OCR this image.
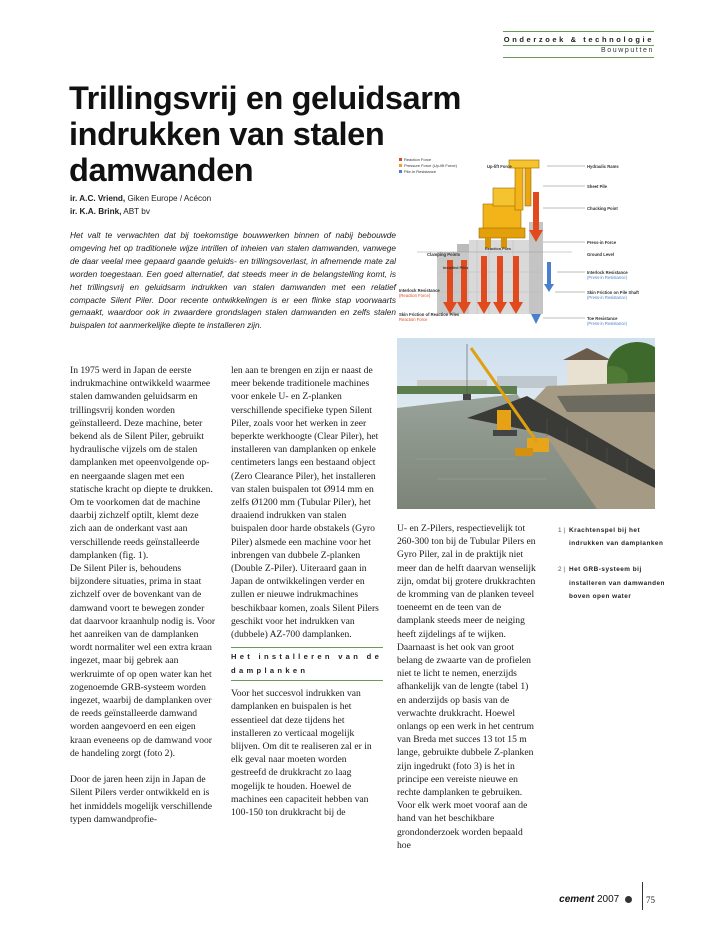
Onderzoek & technologie
Bouwputten
Trillingsvrij en geluidsarm indrukken van stalen damwanden
ir. A.C. Vriend, Giken Europe / Acécon
ir. K.A. Brink, ABT bv

Het valt te verwachten dat bij toekomstige bouwwerken binnen of nabij bebouwde omgeving het op traditionele wijze intrillen of inheien van stalen damwanden, vanwege de daar veelal mee gepaard gaande geluids- en trillingsoverlast, in afnemende mate zal worden toegestaan. Een goed alternatief, dat steeds meer in de belangstelling komt, is het trillingsvrij en geluidsarm indrukken van stalen damwanden met een relatief compacte Silent Piler. Door recente ontwikkelingen is er een flinke stap voorwaarts gemaakt, waardoor ook in zwaardere grondslagen stalen damwanden en zelfs stalen buispalen tot aanmerkelijke diepte te installeren zijn.

Reaction Force
Pressure Force (Up-lift Force)
Pile-in Resistance
Up-lift Force	Hydraulic Rams
Sheet Pile
Chucking Point
Clamping Points
Press-in Force
Ground Level
Installed Piles
Reaction Piles
Interlock Resistance
(Press-in Resistance)
Interlock Resistance
(Reaction Force)
Skin Friction on Pile Shaft
(Press-in Resistance)
Skin Friction of Reaction Piles
Reaction Force	Toe Resistance
(Press-in Resistance)

In 1975 werd in Japan de eerste indrukmachine ontwikkeld waarmee stalen damwanden geluidsarm en trillingsvrij konden worden geïnstalleerd. Deze machine, beter bekend als de Silent Piler, gebruikt hydraulische vijzels om de stalen damplanken met opeenvolgende op- en neergaande slagen met een statische kracht op diepte te drukken. Om te voorkomen dat de machine daarbij zichzelf optilt, klemt deze zich aan de onderkant vast aan verschillende reeds geïnstalleerde damplanken (fig. 1).

De Silent Piler is, behoudens bijzondere situaties, prima in staat zichzelf over de bovenkant van de damwand voort te bewegen zonder dat daarvoor kraanhulp nodig is. Voor het aanreiken van de damplanken wordt normaliter wel een extra kraan ingezet, maar bij gebrek aan werkruimte of op open water kan het zogenoemde GRB-systeem worden ingezet, waarbij de damplanken over de reeds geïnstalleerde damwand worden aangevoerd en een eigen kraan eveneens op de damwand voor de handeling zorgt (foto 2).

Door de jaren heen zijn in Japan de Silent Pilers verder ontwikkeld en is het inmiddels mogelijk verschillende typen damwandprofie-

len aan te brengen en zijn er naast de meer bekende traditionele machines voor enkele U- en Z-planken verschillende specifieke typen Silent Piler, zoals voor het werken in zeer beperkte werkhoogte (Clear Piler), het installeren van damplanken op enkele centimeters langs een bestaand object (Zero Clearance Piler), het installeren van stalen buispalen tot Ø914 mm en zelfs Ø1200 mm (Tubular Piler), het draaiend indrukken van stalen buispalen door harde obstakels (Gyro Piler) alsmede een machine voor het inbrengen van dubbele Z-planken (Double Z-Piler). Uiteraard gaan in Japan de ontwikkelingen verder en zullen er nieuwe indrukmachines beschikbaar komen, zoals Silent Pilers geschikt voor het indrukken van (dubbele) AZ-700 damplanken.

Het installeren van de damplanken

Voor het succesvol indrukken van damplanken en buispalen is het essentieel dat deze tijdens het installeren zo verticaal mogelijk blijven. Om dit te realiseren zal er in elk geval naar moeten worden gestreefd de drukkracht zo laag mogelijk te houden. Hoewel de machines een capaciteit hebben van 100-150 ton drukkracht bij de

U- en Z-Pilers, respectievelijk tot 260-300 ton bij de Tubular Pilers en Gyro Piler, zal in de praktijk niet meer dan de helft daarvan wenselijk zijn, omdat bij grotere drukkrachten de kromming van de planken teveel toeneemt en de teen van de damplank steeds meer de neiging heeft zijdelings af te wijken. Daarnaast is het ook van groot belang de zwaarte van de profielen niet te licht te nemen, enerzijds afhankelijk van de lengte (tabel 1) en anderzijds op basis van de verwachte drukkracht. Hoewel onlangs op een werk in het centrum van Breda met succes 13 tot 15 m lange, gebruikte dubbele Z-planken zijn ingedrukt (foto 3) is het in principe een vereiste nieuwe en rechte damplanken te gebruiken.

Voor elk werk moet vooraf aan de hand van het beschikbare grondonderzoek worden bepaald hoe

1 | Krachtenspel bij het indrukken van damplanken
2 | Het GRB-systeem bij installeren van damwanden boven open water
cement 2007	75
